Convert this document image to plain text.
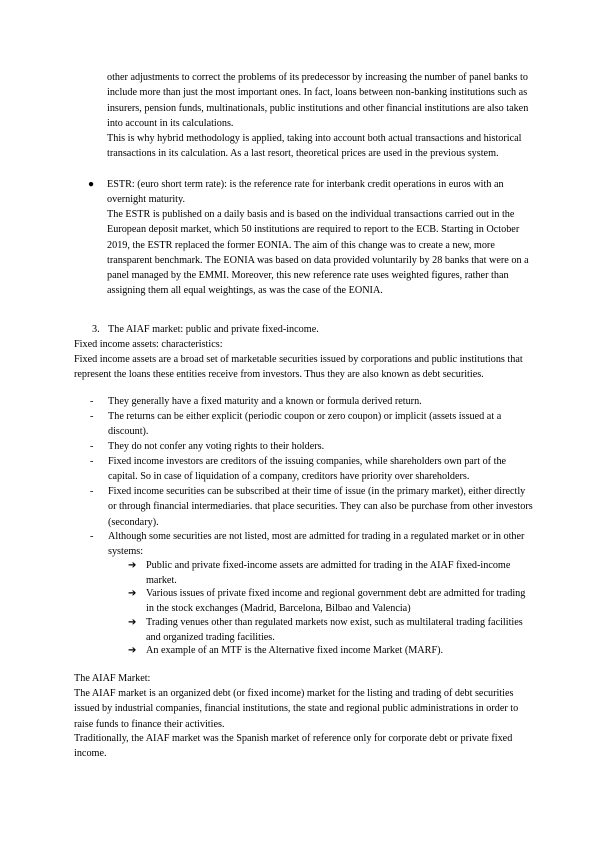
other adjustments to correct the problems of its predecessor by increasing the number of panel banks to include more than just the most important ones. In fact, loans between non-banking institutions such as insurers, pension funds, multinationals, public institutions and other financial institutions are also taken into account in its calculations.

This is why hybrid methodology is applied, taking into account both actual transactions and historical transactions in its calculation. As a last resort, theoretical prices are used in the previous system.

●	ESTR: (euro short term rate): is the reference rate for interbank credit operations in euros with an overnight maturity.

The ESTR is published on a daily basis and is based on the individual transactions carried out in the European deposit market, which 50 institutions are required to report to the ECB. Starting in October 2019, the ESTR replaced the former EONIA. The aim of this change was to create a new, more transparent benchmark. The EONIA was based on data provided voluntarily by 28 banks that were on a panel managed by the EMMI. Moreover, this new reference rate uses weighted figures, rather than assigning them all equal weightings, as was the case of the EONIA.

3. The AIAF market: public and private fixed-income.

Fixed income assets: characteristics:

Fixed income assets are a broad set of marketable securities issued by corporations and public institutions that represent the loans these entities receive from investors. Thus they are also known as debt securities.

-	They generally have a fixed maturity and a known or formula derived return.

-	The returns can be either explicit (periodic coupon or zero coupon) or implicit (assets issued at a discount).

-	They do not confer any voting rights to their holders.

-	Fixed income investors are creditors of the issuing companies, while shareholders own part of the capital. So in case of liquidation of a company, creditors have priority over shareholders.

-	Fixed income securities can be subscribed at their time of issue (in the primary market), either directly or through financial intermediaries. that place securities. They can also be purchase from other investors (secondary).

-	Although some securities are not listed, most are admitted for trading in a regulated market or in other systems:

➔ Public and private fixed-income assets are admitted for trading in the AIAF fixed-income market.

➔ Various issues of private fixed income and regional government debt are admitted for trading in the stock exchanges (Madrid, Barcelona, Bilbao and Valencia)

➔ Trading venues other than regulated markets now exist, such as multilateral trading facilities and organized trading facilities.

➔ An example of an MTF is the Alternative fixed income Market (MARF).

The AIAF Market:

The AIAF market is an organized debt (or fixed income) market for the listing and trading of debt securities issued by industrial companies, financial institutions, the state and regional public administrations in order to raise funds to finance their activities.

Traditionally, the AIAF market was the Spanish market of reference only for corporate debt or private fixed income.
